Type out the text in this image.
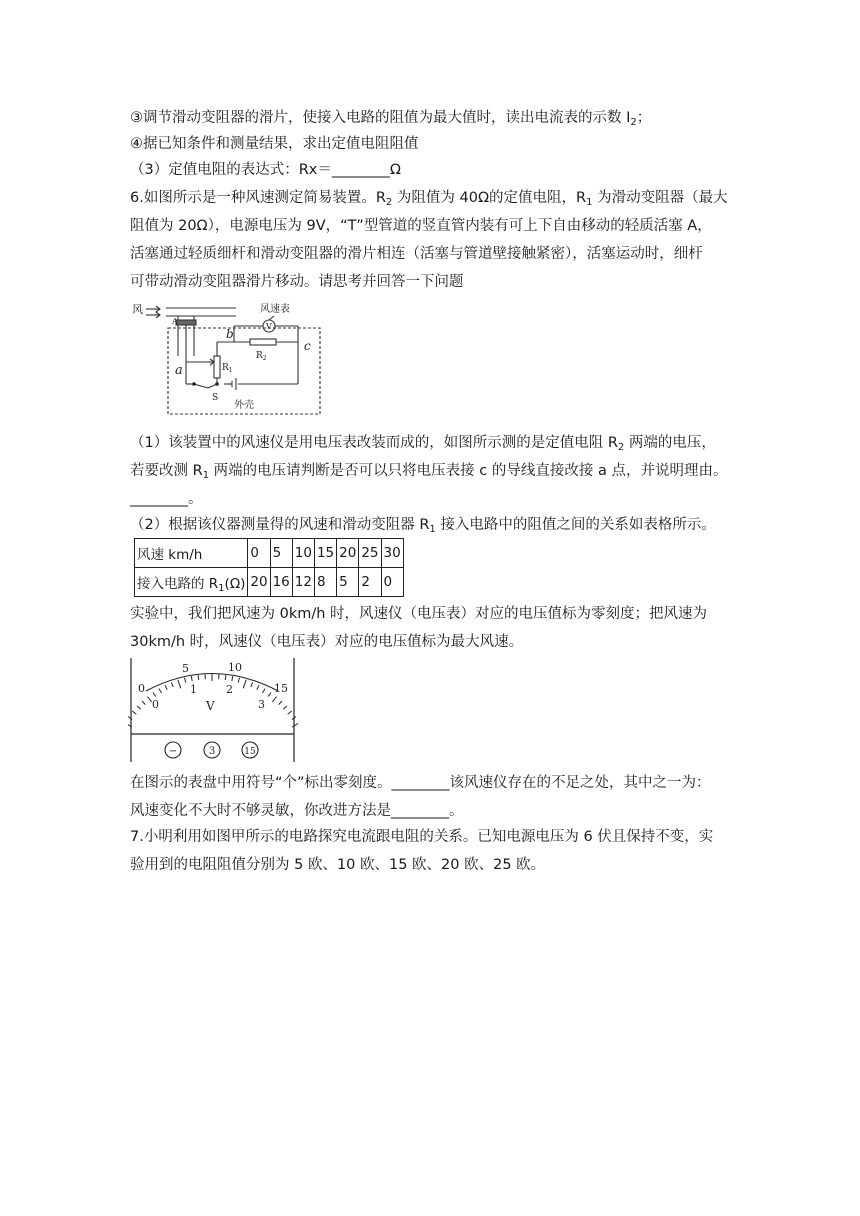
③调节滑动变阻器的滑片，使接入电路的阻值为最大值时，读出电流表的示数 $I_2$；
④据已知条件和测量结果，求出定值电阻阻值
（3）定值电阻的表达式：Rx＝________Ω
6.如图所示是一种风速测定简易装置。$R_2$ 为阻值为 40Ω的定值电阻，$R_1$ 为滑动变阻器（最大
阻值为 20Ω），电源电压为 9V，“T”型管道的竖直管内装有可上下自由移动的轻质活塞 A，
活塞通过轻质细杆和滑动变阻器的滑片相连（活塞与管道壁接触紧密），活塞运动时，细杆
可带动滑动变阻器滑片移动。请思考并回答一下问题
风
A
风速表
V
b
c
a	$R_1$
$R_2$
S
外壳
（1）该装置中的风速仪是用电压表改装而成的，如图所示测的是定值电阻 $R_2$ 两端的电压，
若要改测 $R_1$ 两端的电压请判断是否可以只将电压表接 c 的导线直接改接 a 点，并说明理由。
________。
（2）根据该仪器测量得的风速和滑动变阻器 $R_1$ 接入电路中的阻值之间的关系如表格所示。
风速 km/h	0	5	10	15	20	25	30
接入电路的 $R_1(\Omega)$	20	16	12	8	5	2	0
实验中，我们把风速为 0km/h 时，风速仪（电压表）对应的电压值标为零刻度；把风速为
30km/h 时，风速仪（电压表）对应的电压值标为最大风速。
0
5	10
15
0
1	2
3
V
−	3	15
在图示的表盘中用符号“个”标出零刻度。________该风速仪存在的不足之处，其中之一为：
风速变化不大时不够灵敏，你改进方法是________。
7.小明利用如图甲所示的电路探究电流跟电阻的关系。已知电源电压为 6 伏且保持不变，实
验用到的电阻阻值分别为 5 欧、10 欧、15 欧、20 欧、25 欧。
